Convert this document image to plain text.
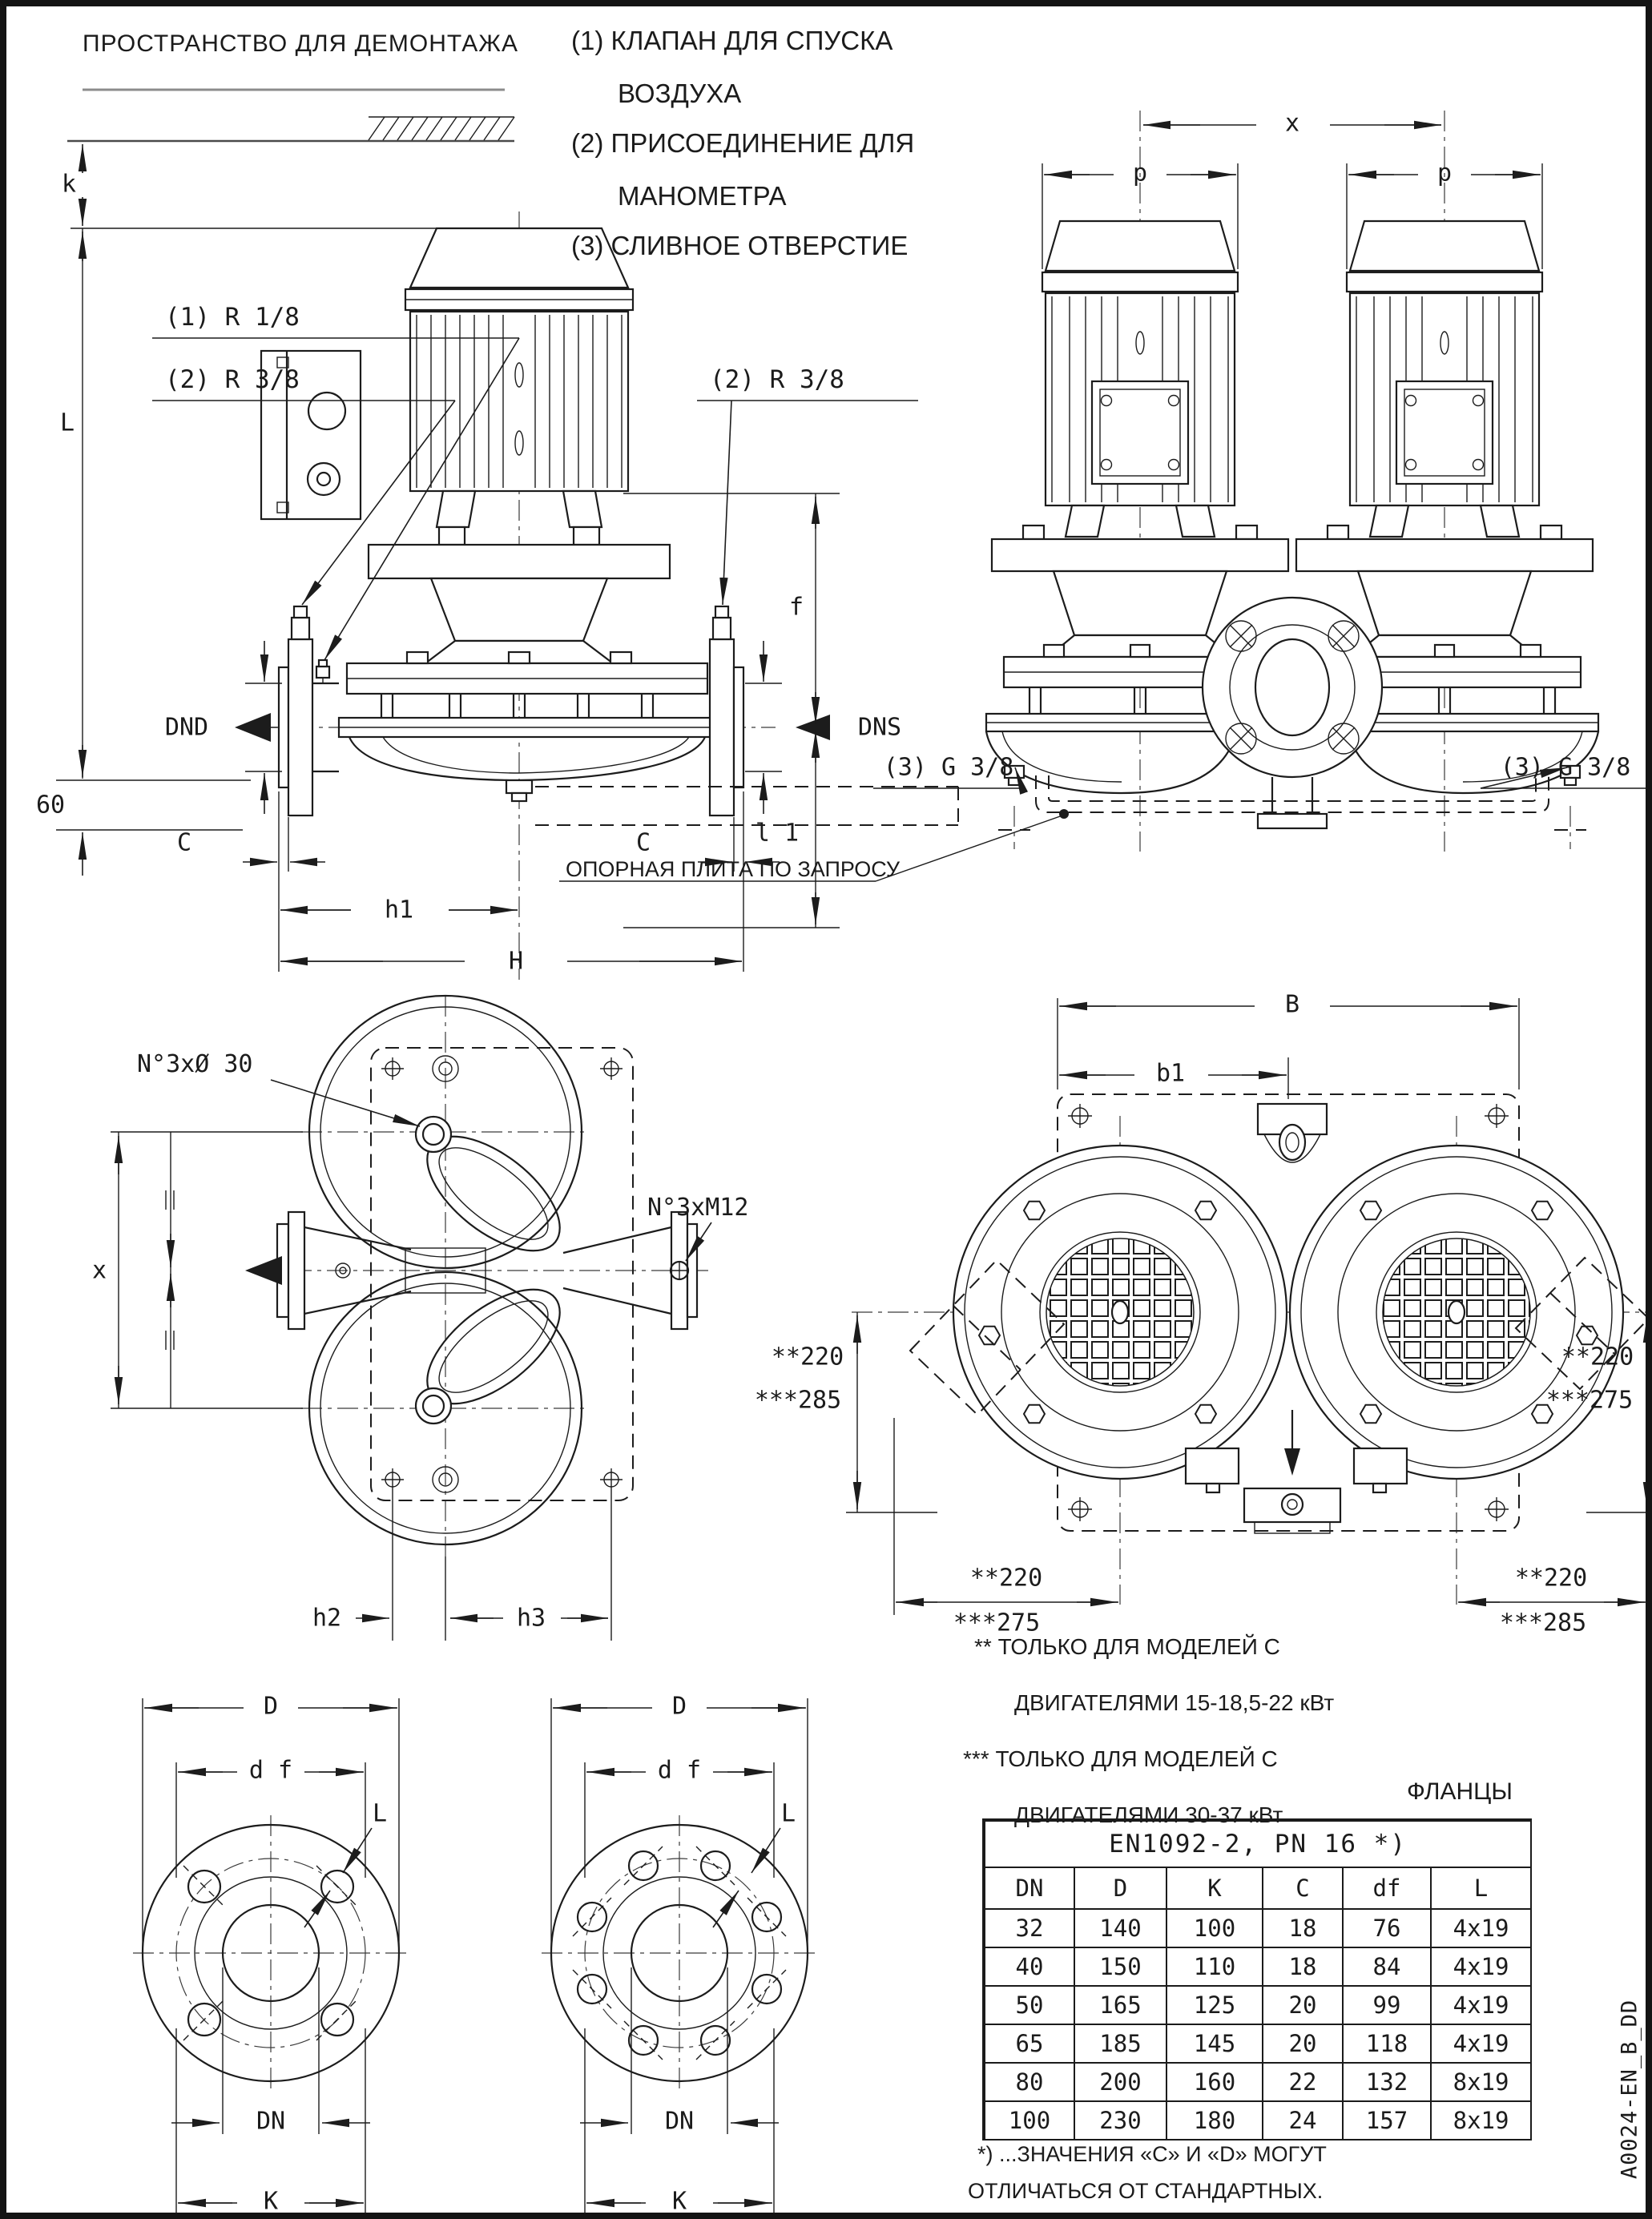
ПРОСТРАНСТВО ДЛЯ ДЕМОНТАЖА (1) КЛАПАН ДЛЯ СПУСКА
ВОЗДУХА
(2) ПРИСОЕДИНЕНИЕ ДЛЯ
МАНОМЕТРА
(3) СЛИВНОЕ ОТВЕРСТИЕ
k
L
60
(1) R 1/8
(2) R 3/8	(2) R 3/8
DND	DNS
f
l 1
C	C
h1
H
x
p	p
(3) G 3/8	(3) G 3/8
ОПОРНАЯ ПЛИТА ПО ЗАПРОСУ
N°3xØ 30
N°3xM12
x
h2	h3
B
b1
**220
***285
**220
***275
**220
***275
**220
***285
** ТОЛЬКО ДЛЯ МОДЕЛЕЙ С
ДВИГАТЕЛЯМИ 15-18,5-22 кВт
*** ТОЛЬКО ДЛЯ МОДЕЛЕЙ С
ДВИГАТЕЛЯМИ 30-37 кВт
ФЛАНЦЫ
D
d f
L
DN
K
D
d f
L
DN
K
EN1092-2, PN 16 *)					
DN	D	K	C	df	L
32	140	100	18	76	4x19
40	150	110	18	84	4x19
50	165	125	20	99	4x19
65	185	145	20	118	4x19
80	200	160	22	132	8x19
100	230	180	24	157	8x19
*) ...ЗНАЧЕНИЯ «С» И «D» МОГУТ
ОТЛИЧАТЬСЯ ОТ СТАНДАРТНЫХ.
A0024-EN_B_DD
